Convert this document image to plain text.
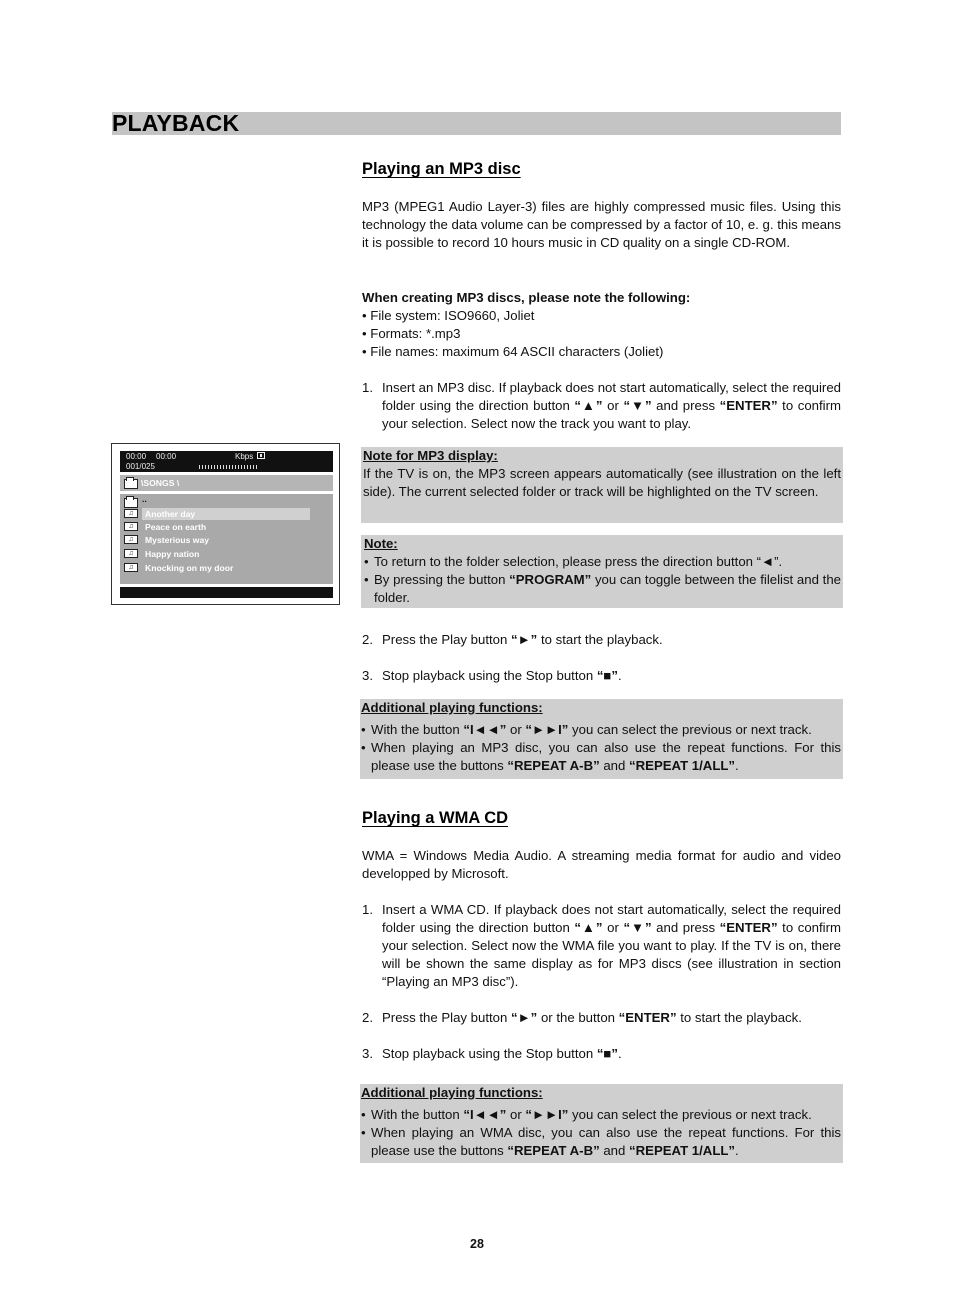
PLAYBACK
Playing an MP3 disc

MP3 (MPEG1 Audio Layer-3) files are highly compressed music files. Using this technology the data volume can be compressed by a factor of 10, e. g. this means it is possible to record 10 hours music in CD quality on a single CD-ROM.

When creating MP3 discs, please note the following:

• File system: ISO9660, Joliet

• Formats: *.mp3

• File names: maximum 64 ASCII characters (Joliet)

1. Insert an MP3 disc. If playback does not start automatically, select the required folder using the direction button “▲” or “▼” and press “ENTER” to confirm your selection. Select now the track you want to play.
00:00 00:00	Kbps
001/025
\SONGS \
..
♫	Another day
♫	Peace on earth
♫	Mysterious way
♫	Happy nation
♫	Knocking on my door
Note for MP3 display:
If the TV is on, the MP3 screen appears automatically (see illustration on the left side). The current selected folder or track will be highlighted on the TV screen.
Note:
• To return to the folder selection, please press the direction button “◄”.
• By pressing the button “PROGRAM” you can toggle between the filelist and the folder.
2. Press the Play button “►” to start the playback.
3. Stop playback using the Stop button “■”.
Additional playing functions:
• With the button “I◄◄” or “►►I” you can select the previous or next track.
• When playing an MP3 disc, you can also use the repeat functions. For this please use the buttons “REPEAT A-B” and “REPEAT 1/ALL”.
Playing a WMA CD

WMA = Windows Media Audio. A streaming media format for audio and video developped by Microsoft.

1. Insert a WMA CD. If playback does not start automatically, select the required folder using the direction button “▲” or “▼” and press “ENTER” to confirm your selection. Select now the WMA file you want to play. If the TV is on, there will be shown the same display as for MP3 discs (see illustration in section “Playing an MP3 disc”).
2. Press the Play button “►” or the button “ENTER” to start the playback.
3. Stop playback using the Stop button “■”.
Additional playing functions:
• With the button “I◄◄” or “►►I” you can select the previous or next track.
• When playing an WMA disc, you can also use the repeat functions. For this please use the buttons “REPEAT A-B” and “REPEAT 1/ALL”.
28
